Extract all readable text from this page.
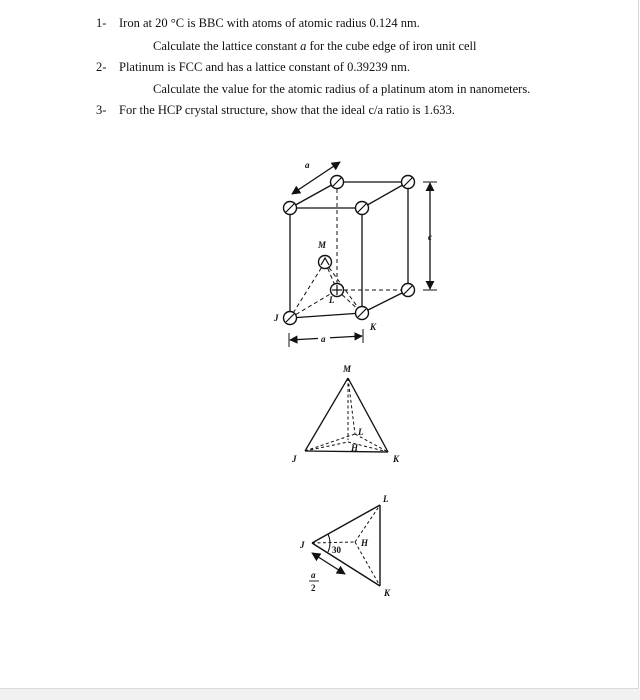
1- Iron at 20 °C is BBC with atoms of atomic radius 0.124 nm.
Calculate the lattice constant a for the cube edge of iron unit cell
2- Platinum is FCC and has a lattice constant of 0.39239 nm.
Calculate the value for the atomic radius of a platinum atom in nanometers.
3- For the HCP crystal structure, show that the ideal c/a ratio is 1.633.
a
c
a
M
L
J
K
M
L
H
J	K
30
a
2
L
J	H
K
